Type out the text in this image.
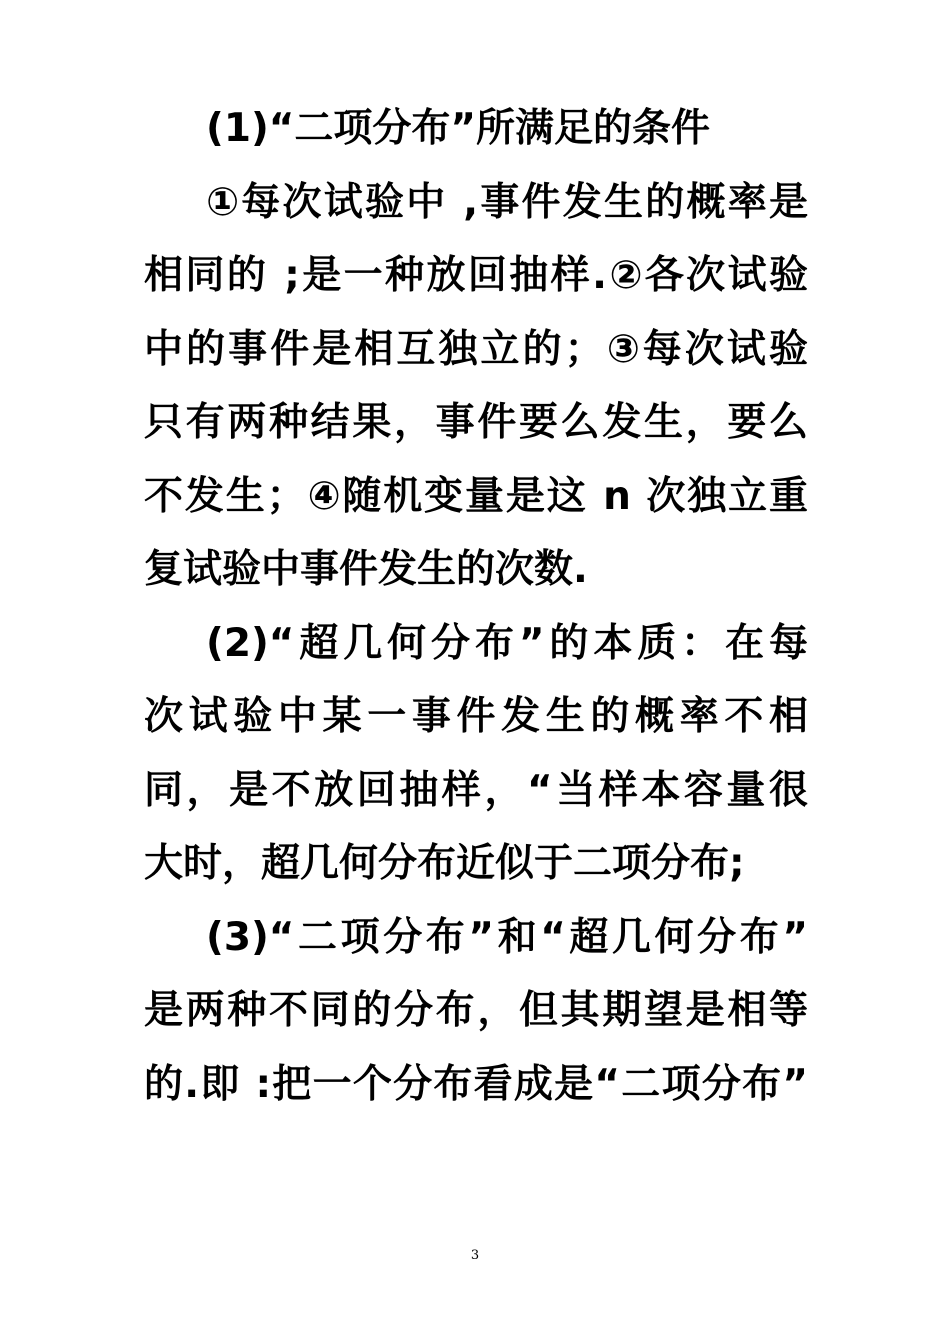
(1)“二项分布”所满足的条件
①每次试验中 ,事件发生的概率是
相同的 ;是一种放回抽样.②各次试验
中的事件是相互独立的；③每次试验
只有两种结果，事件要么发生，要么
不发生；④随机变量是这 n 次独立重
复试验中事件发生的次数.
(2)“超几何分布”的本质：在每
次试验中某一事件发生的概率不相
同，是不放回抽样，“当样本容量很
大时，超几何分布近似于二项分布;
(3)“二项分布”和“超几何分布”
是两种不同的分布，但其期望是相等
的.即 :把一个分布看成是“二项分布”
3
